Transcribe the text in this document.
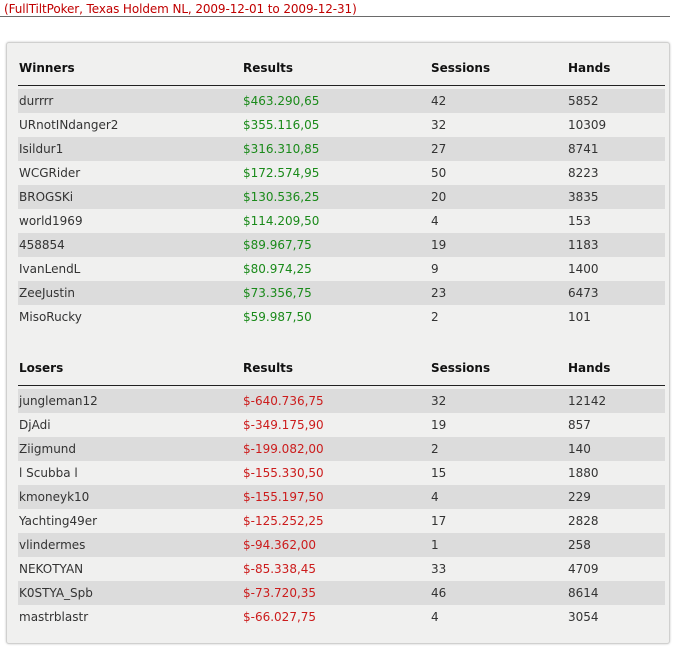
(FullTiltPoker, Texas Holdem NL, 2009-12-01 to 2009-12-31)
Winners	Results	Sessions	Hands
durrrr	$463.290,65	42	5852
URnotINdanger2	$355.116,05	32	10309
Isildur1	$316.310,85	27	8741
WCGRider	$172.574,95	50	8223
BROGSKi	$130.536,25	20	3835
world1969	$114.209,50	4	153
458854	$89.967,75	19	1183
IvanLendL	$80.974,25	9	1400
ZeeJustin	$73.356,75	23	6473
MisoRucky	$59.987,50	2	101
Losers	Results	Sessions	Hands
jungleman12	$-640.736,75	32	12142
DjAdi	$-349.175,90	19	857
Ziigmund	$-199.082,00	2	140
l Scubba l	$-155.330,50	15	1880
kmoneyk10	$-155.197,50	4	229
Yachting49er	$-125.252,25	17	2828
vlindermes	$-94.362,00	1	258
NEKOTYAN	$-85.338,45	33	4709
K0STYA_Spb	$-73.720,35	46	8614
mastrblastr	$-66.027,75	4	3054
